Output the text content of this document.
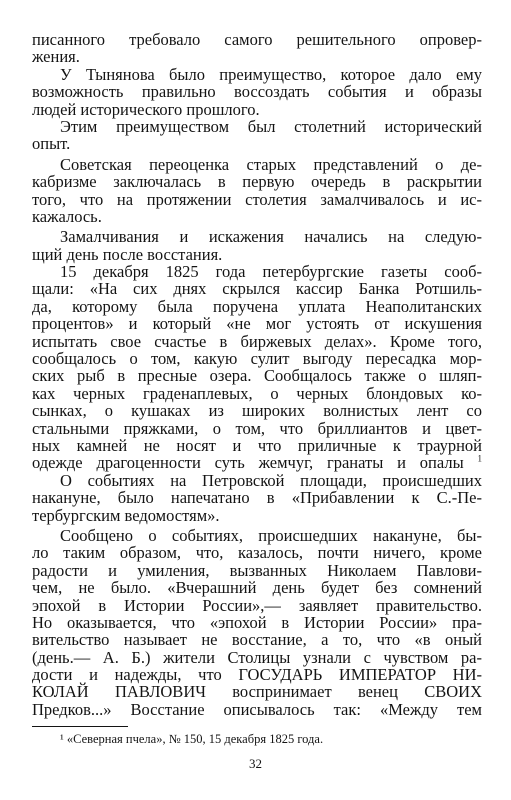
писанного требовало самого решительного опровер-
жения.
У Тынянова было преимущество, которое дало ему
возможность правильно воссоздать события и образы
людей исторического прошлого.
Этим преимуществом был столетний исторический
опыт.
Советская переоценка старых представлений о де-
кабризме заключалась в первую очередь в раскрытии
того, что на протяжении столетия замалчивалось и ис-
кажалось.
Замалчивания и искажения начались на следую-
щий день после восстания.
15 декабря 1825 года петербургские газеты сооб-
щали: «На сих днях скрылся кассир Банка Ротшиль-
да, которому была поручена уплата Неаполитанских
процентов» и который «не мог устоять от искушения
испытать свое счастье в биржевых делах». Кроме того,
сообщалось о том, какую сулит выгоду пересадка мор-
ских рыб в пресные озера. Сообщалось также о шляп-
ках черных граденаплевых, о черных блондовых ко-
сынках, о кушаках из широких волнистых лент со
стальными пряжками, о том, что бриллиантов и цвет-
ных камней не носят и что приличные к траурной
одежде драгоценности суть жемчуг, гранаты и опалы $^1$
О событиях на Петровской площади, происшедших
накануне, было напечатано в «Прибавлении к С.-Пе-
тербургским ведомостям».
Сообщено о событиях, происшедших накануне, бы-
ло таким образом, что, казалось, почти ничего, кроме
радости и умиления, вызванных Николаем Павлови-
чем, не было. «Вчерашний день будет без сомнений
эпохой в Истории России»,— заявляет правительство.
Но оказывается, что «эпохой в Истории России» пра-
вительство называет не восстание, а то, что «в оный
(день.— А. Б.) жители Столицы узнали с чувством ра-
дости и надежды, что ГОСУДАРЬ ИМПЕРАТОР НИ-
КОЛАЙ ПАВЛОВИЧ воспринимает венец СВОИХ
Предков...» Восстание описывалось так: «Между тем
¹ «Северная пчела», № 150, 15 декабря 1825 года.
32
